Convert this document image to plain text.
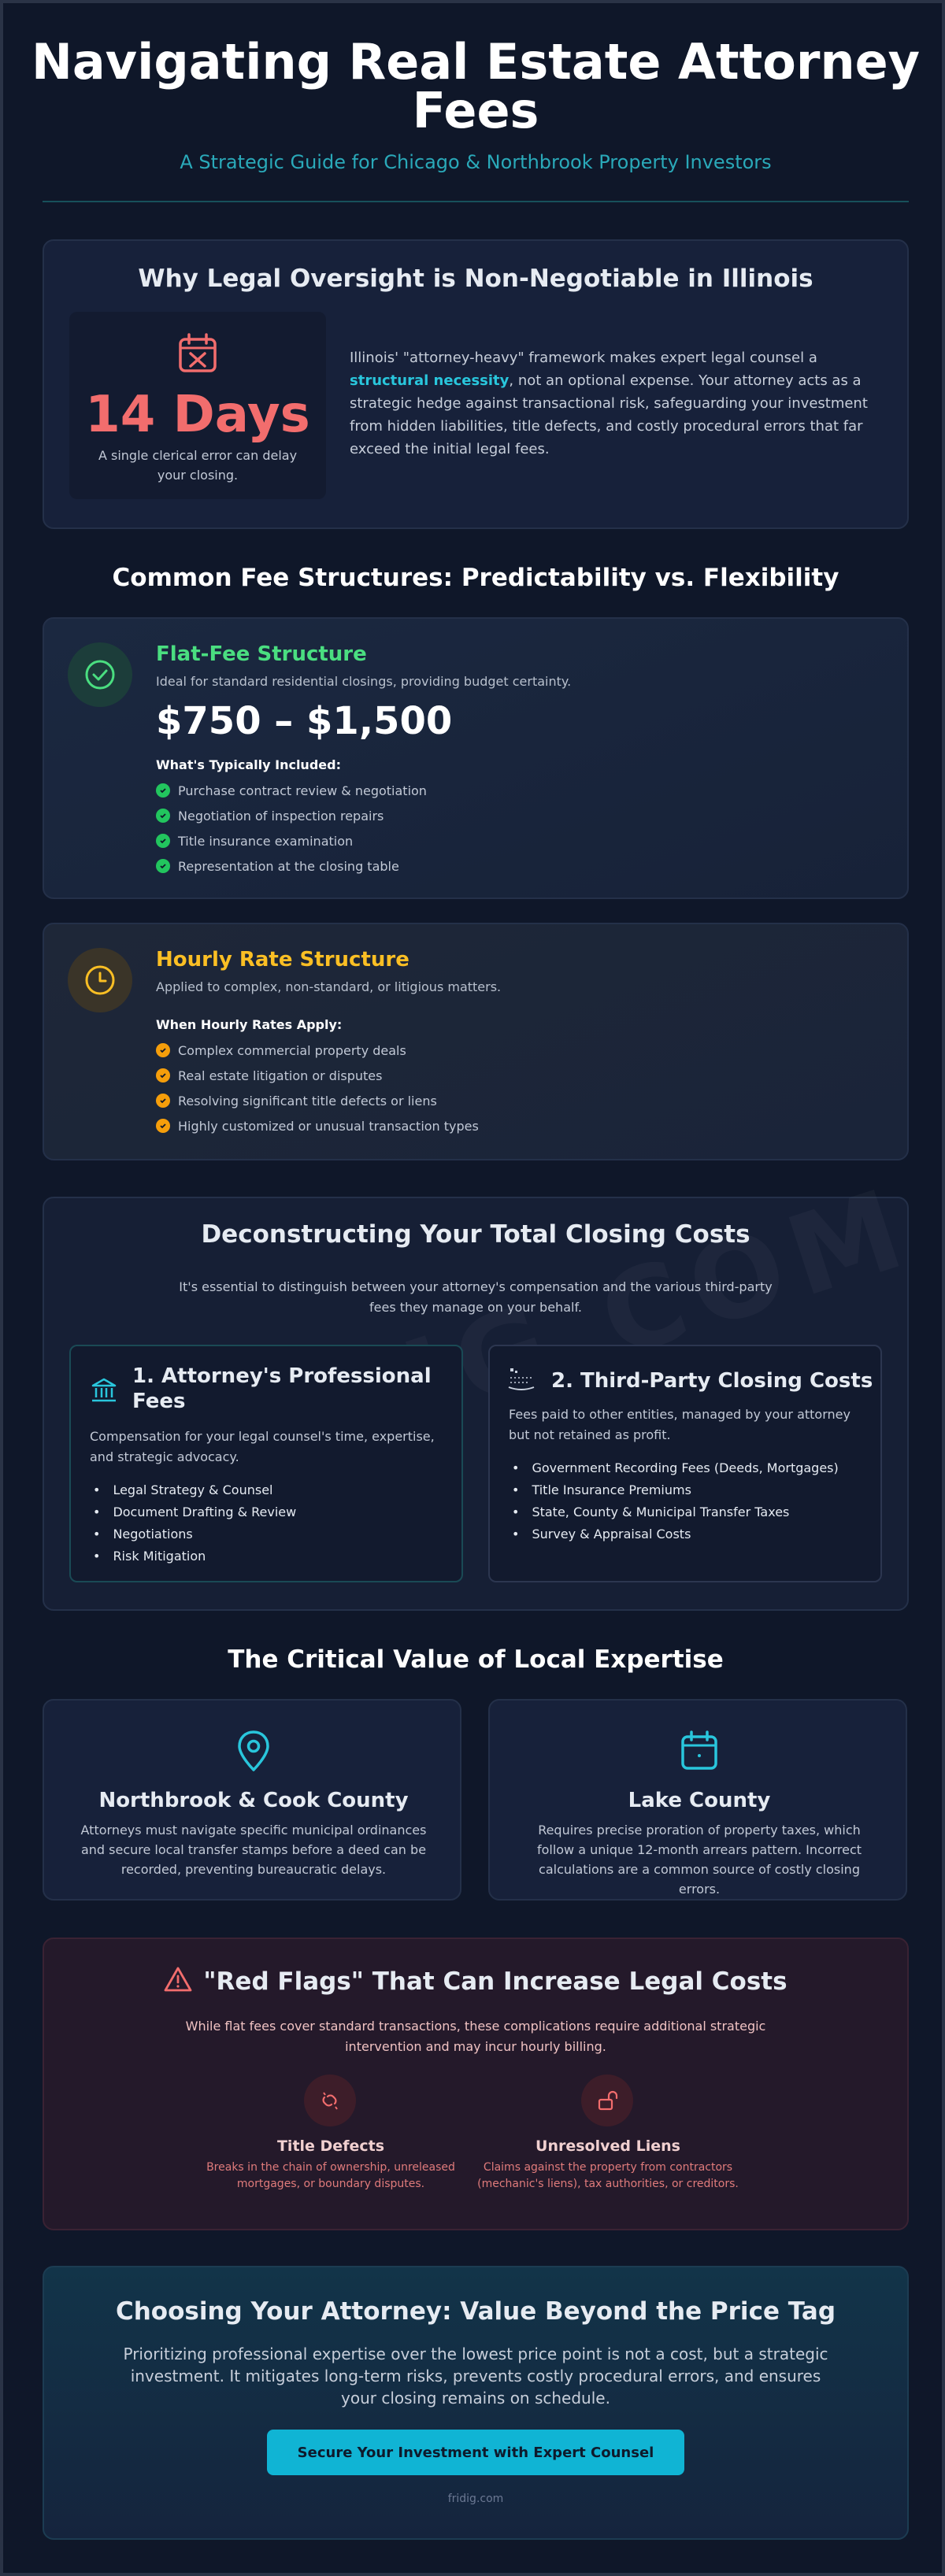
Navigating Real Estate Attorney Fees
A Strategic Guide for Chicago & Northbrook Property Investors
Why Legal Oversight is Non-Negotiable in Illinois
14 Days
A single clerical error can delay your closing.

Illinois' "attorney-heavy" framework makes expert legal counsel a structural necessity, not an optional expense. Your attorney acts as a strategic hedge against transactional risk, safeguarding your investment from hidden liabilities, title defects, and costly procedural errors that far exceed the initial legal fees.

Common Fee Structures: Predictability vs. Flexibility
Flat-Fee Structure
Ideal for standard residential closings, providing budget certainty.
$750 – $1,500
What's Typically Included:
Purchase contract review & negotiation
Negotiation of inspection repairs
Title insurance examination
Representation at the closing table
Hourly Rate Structure
Applied to complex, non-standard, or litigious matters.
When Hourly Rates Apply:
Complex commercial property deals
Real estate litigation or disputes
Resolving significant title defects or liens
Highly customized or unusual transaction types
Deconstructing Your Total Closing Costs
It's essential to distinguish between your attorney's compensation and the various third-party fees they manage on your behalf.
1. Attorney's Professional Fees
Compensation for your legal counsel's time, expertise, and strategic advocacy.
• Legal Strategy & Counsel
• Document Drafting & Review
• Negotiations
• Risk Mitigation
2. Third-Party Closing Costs
Fees paid to other entities, managed by your attorney but not retained as profit.
• Government Recording Fees (Deeds, Mortgages)
• Title Insurance Premiums
• State, County & Municipal Transfer Taxes
• Survey & Appraisal Costs
The Critical Value of Local Expertise
Northbrook & Cook County
Attorneys must navigate specific municipal ordinances and secure local transfer stamps before a deed can be recorded, preventing bureaucratic delays.
Lake County
Requires precise proration of property taxes, which follow a unique 12-month arrears pattern. Incorrect calculations are a common source of costly closing errors.
"Red Flags" That Can Increase Legal Costs
While flat fees cover standard transactions, these complications require additional strategic intervention and may incur hourly billing.
Title Defects
Breaks in the chain of ownership, unreleased mortgages, or boundary disputes.
Unresolved Liens
Claims against the property from contractors (mechanic's liens), tax authorities, or creditors.
Choosing Your Attorney: Value Beyond the Price Tag
Prioritizing professional expertise over the lowest price point is not a cost, but a strategic investment. It mitigates long-term risks, prevents costly procedural errors, and ensures your closing remains on schedule.
Secure Your Investment with Expert Counsel
fridig.com
